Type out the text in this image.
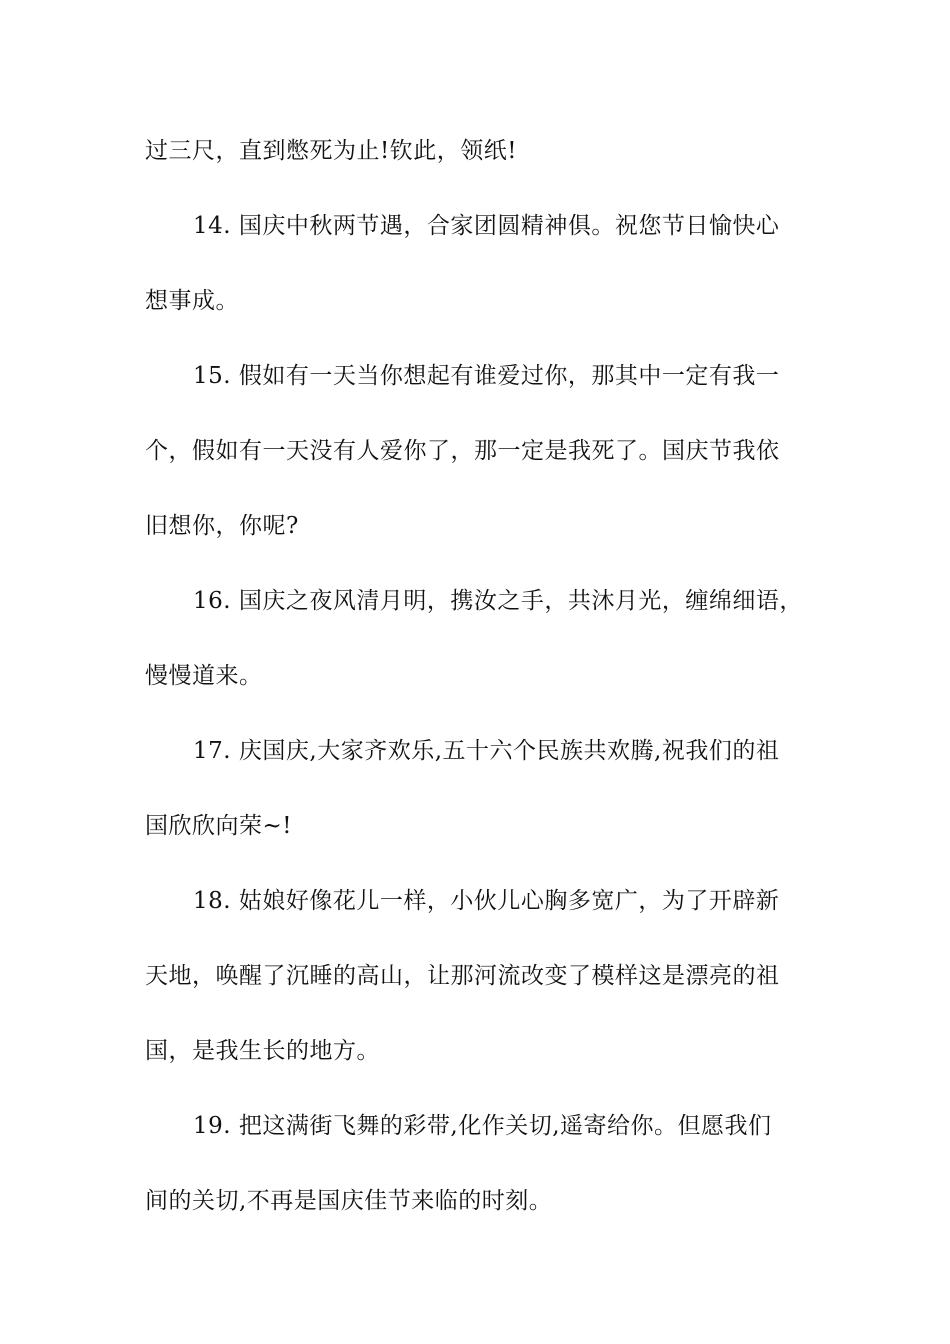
过三尺，直到憋死为止!钦此，领纸!
14. 国庆中秋两节遇，合家团圆精神俱。祝您节日愉快心
想事成。
15. 假如有一天当你想起有谁爱过你，那其中一定有我一
个，假如有一天没有人爱你了，那一定是我死了。国庆节我依
旧想你，你呢?
16. 国庆之夜风清月明，携汝之手，共沐月光，缠绵细语，
慢慢道来。
17. 庆国庆,大家齐欢乐,五十六个民族共欢腾,祝我们的祖
国欣欣向荣~!
18. 姑娘好像花儿一样，小伙儿心胸多宽广，为了开辟新
天地，唤醒了沉睡的高山，让那河流改变了模样这是漂亮的祖
国，是我生长的地方。
19. 把这满街飞舞的彩带,化作关切,遥寄给你。但愿我们
间的关切,不再是国庆佳节来临的时刻。
